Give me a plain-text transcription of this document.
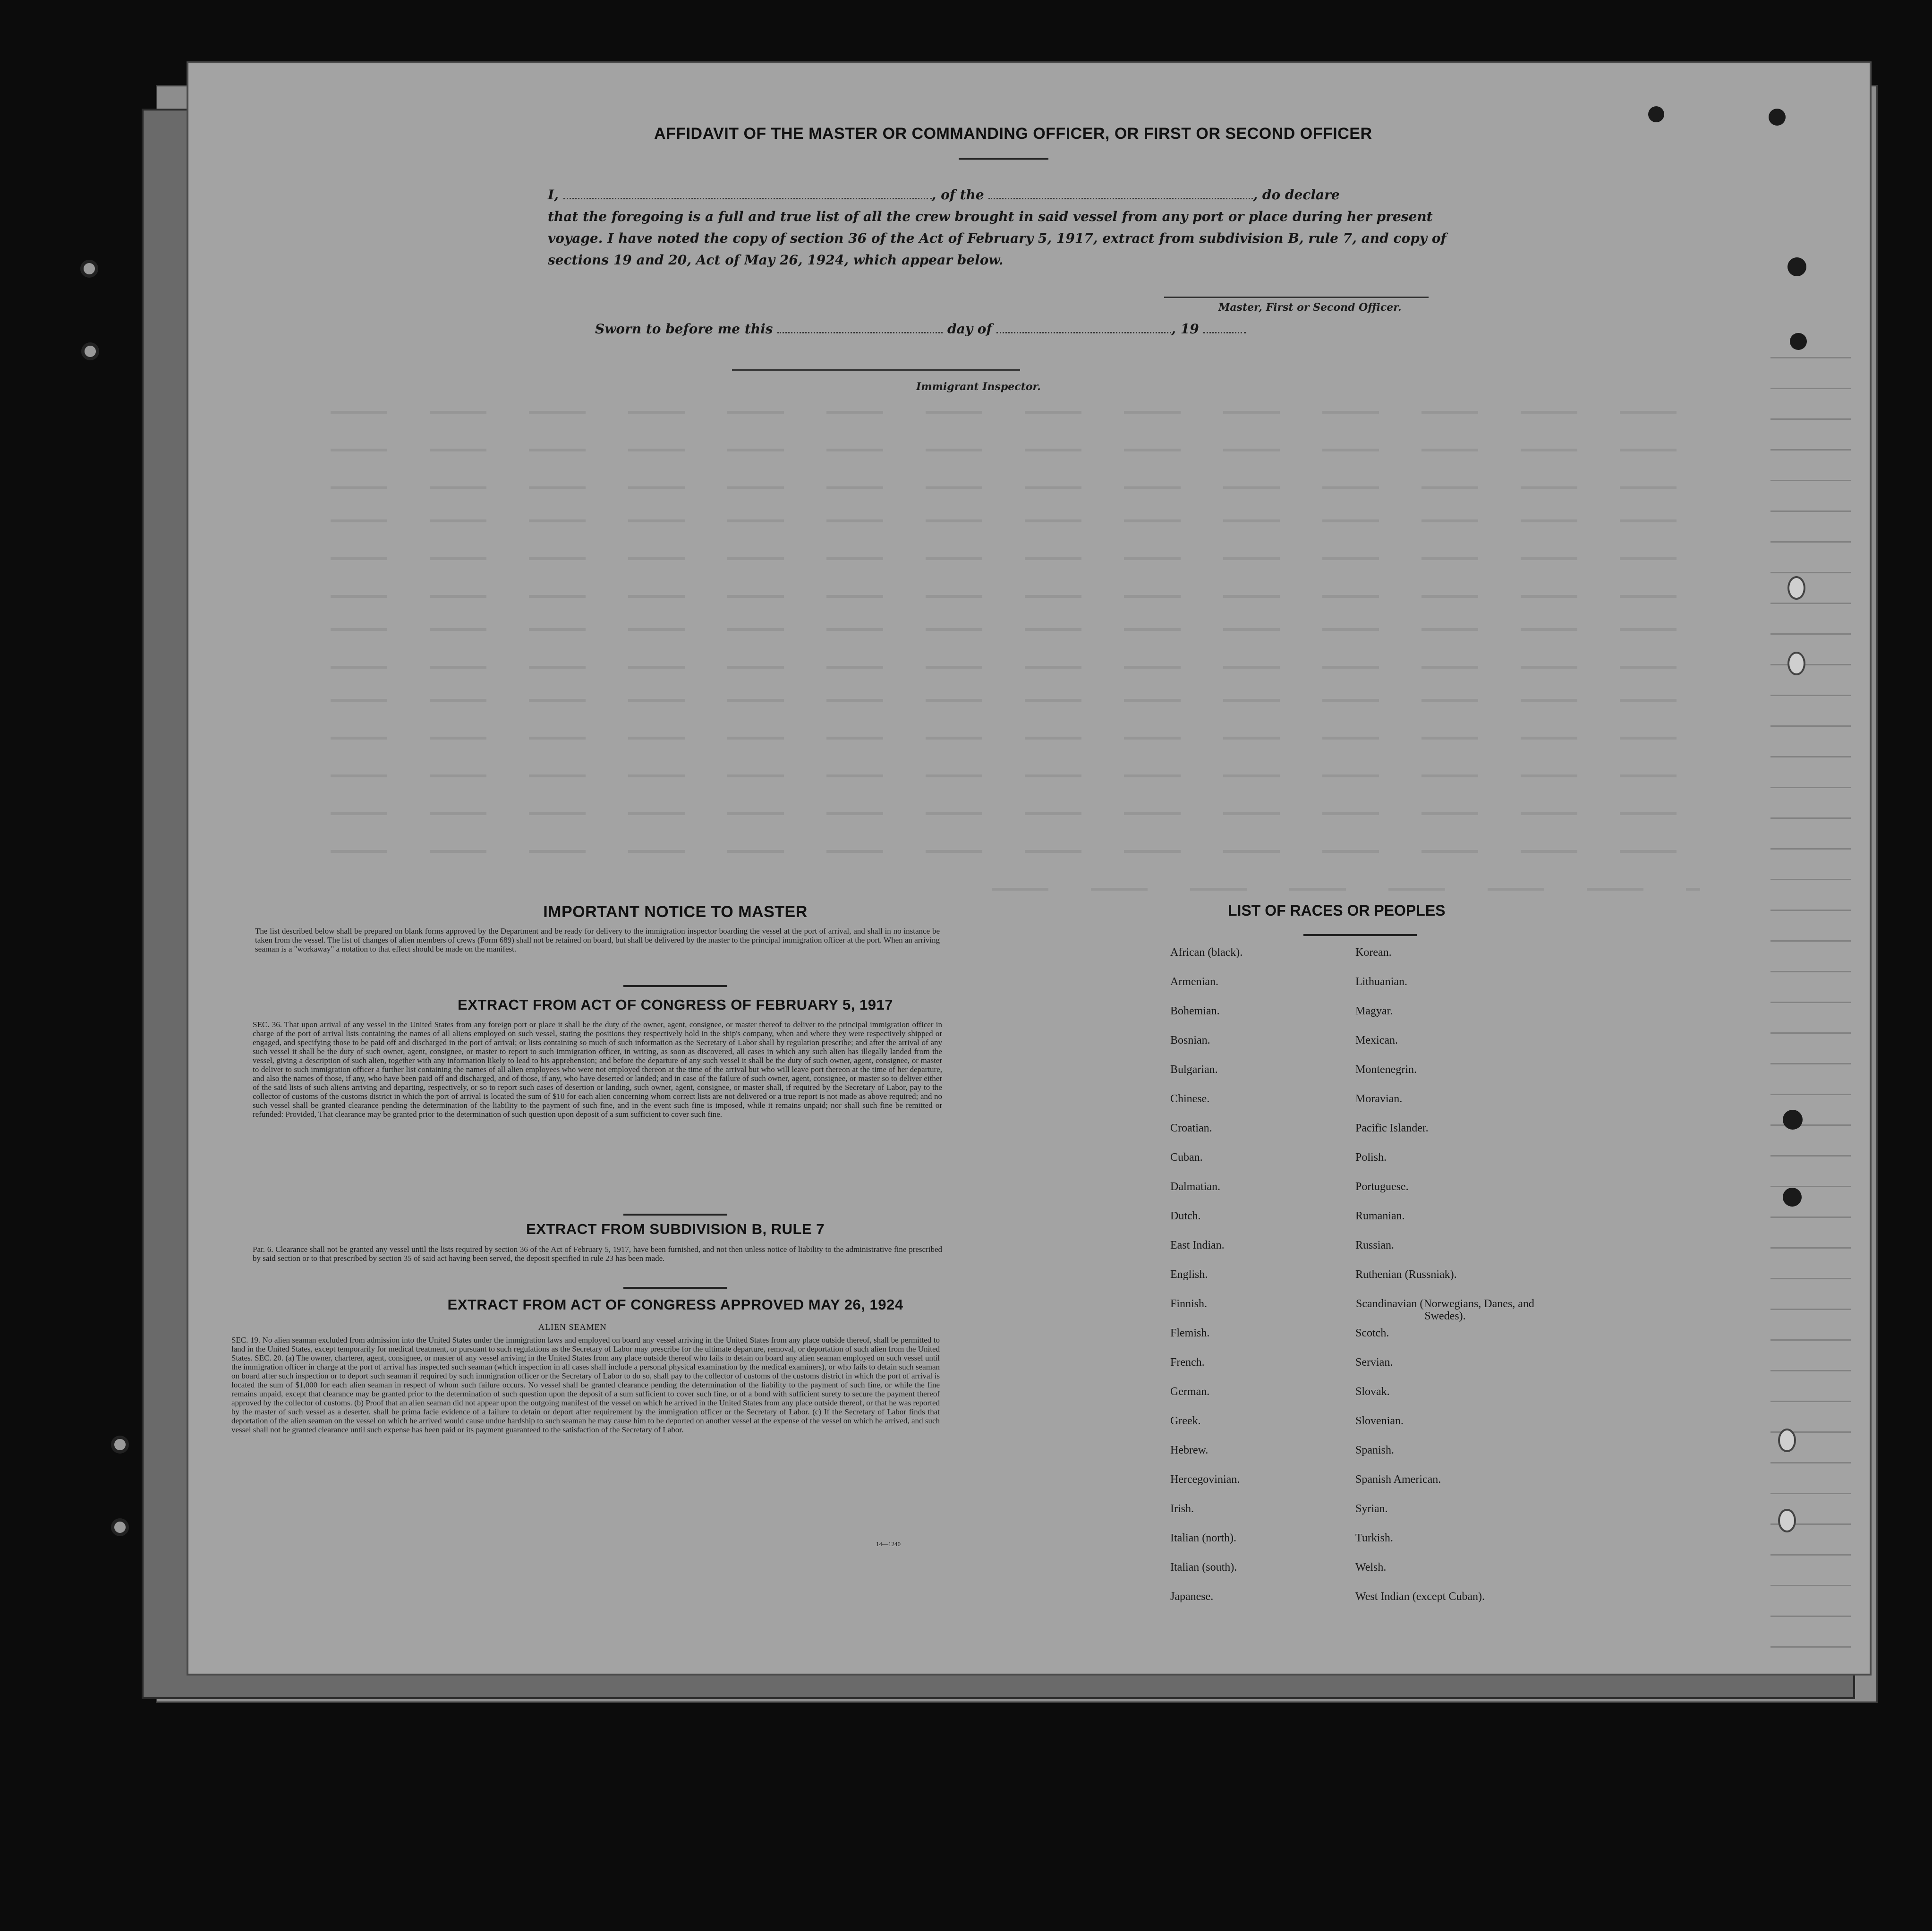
AFFIDAVIT OF THE MASTER OR COMMANDING OFFICER, OR FIRST OR SECOND OFFICER
I,	, of the	, do declare
that the foregoing is a full and true list of all the crew brought in said vessel from any port or place during her present voyage. I have noted the copy of section 36 of the Act of February 5, 1917, extract from subdivision B, rule 7, and copy of sections 19 and 20, Act of May 26, 1924, which appear below.
Master, First or Second Officer.
Sworn to before me this	day of	, 19
Immigrant Inspector.
IMPORTANT NOTICE TO MASTER
The list described below shall be prepared on blank forms approved by the Department and be ready for delivery to the immigration inspector boarding the vessel at the port of arrival, and shall in no instance be taken from the vessel. The list of changes of alien members of crews (Form 689) shall not be retained on board, but shall be delivered by the master to the principal immigration officer at the port. When an arriving seaman is a "workaway" a notation to that effect should be made on the manifest.
EXTRACT FROM ACT OF CONGRESS OF FEBRUARY 5, 1917
SEC. 36. That upon arrival of any vessel in the United States from any foreign port or place it shall be the duty of the owner, agent, consignee, or master thereof to deliver to the principal immigration officer in charge of the port of arrival lists containing the names of all aliens employed on such vessel, stating the positions they respectively hold in the ship's company, when and where they were respectively shipped or engaged, and specifying those to be paid off and discharged in the port of arrival; or lists containing so much of such information as the Secretary of Labor shall by regulation prescribe; and after the arrival of any such vessel it shall be the duty of such owner, agent, consignee, or master to report to such immigration officer, in writing, as soon as discovered, all cases in which any such alien has illegally landed from the vessel, giving a description of such alien, together with any information likely to lead to his apprehension; and before the departure of any such vessel it shall be the duty of such owner, agent, consignee, or master to deliver to such immigration officer a further list containing the names of all alien employees who were not employed thereon at the time of the arrival but who will leave port thereon at the time of her departure, and also the names of those, if any, who have been paid off and discharged, and of those, if any, who have deserted or landed; and in case of the failure of such owner, agent, consignee, or master so to deliver either of the said lists of such aliens arriving and departing, respectively, or so to report such cases of desertion or landing, such owner, agent, consignee, or master shall, if required by the Secretary of Labor, pay to the collector of customs of the customs district in which the port of arrival is located the sum of $10 for each alien concerning whom correct lists are not delivered or a true report is not made as above required; and no such vessel shall be granted clearance pending the determination of the liability to the payment of such fine, and in the event such fine is imposed, while it remains unpaid; nor shall such fine be remitted or refunded: Provided, That clearance may be granted prior to the determination of such question upon deposit of a sum sufficient to cover such fine.
EXTRACT FROM SUBDIVISION B, RULE 7
Par. 6. Clearance shall not be granted any vessel until the lists required by section 36 of the Act of February 5, 1917, have been furnished, and not then unless notice of liability to the administrative fine prescribed by said section or to that prescribed by section 35 of said act having been served, the deposit specified in rule 23 has been made.
EXTRACT FROM ACT OF CONGRESS APPROVED MAY 26, 1924
ALIEN SEAMEN
SEC. 19. No alien seaman excluded from admission into the United States under the immigration laws and employed on board any vessel arriving in the United States from any place outside thereof, shall be permitted to land in the United States, except temporarily for medical treatment, or pursuant to such regulations as the Secretary of Labor may prescribe for the ultimate departure, removal, or deportation of such alien from the United States. SEC. 20. (a) The owner, charterer, agent, consignee, or master of any vessel arriving in the United States from any place outside thereof who fails to detain on board any alien seaman employed on such vessel until the immigration officer in charge at the port of arrival has inspected such seaman (which inspection in all cases shall include a personal physical examination by the medical examiners), or who fails to detain such seaman on board after such inspection or to deport such seaman if required by such immigration officer or the Secretary of Labor to do so, shall pay to the collector of customs of the customs district in which the port of arrival is located the sum of $1,000 for each alien seaman in respect of whom such failure occurs. No vessel shall be granted clearance pending the determination of the liability to the payment of such fine, or while the fine remains unpaid, except that clearance may be granted prior to the determination of such question upon the deposit of a sum sufficient to cover such fine, or of a bond with sufficient surety to secure the payment thereof approved by the collector of customs. (b) Proof that an alien seaman did not appear upon the outgoing manifest of the vessel on which he arrived in the United States from any place outside thereof, or that he was reported by the master of such vessel as a deserter, shall be prima facie evidence of a failure to detain or deport after requirement by the immigration officer or the Secretary of Labor. (c) If the Secretary of Labor finds that deportation of the alien seaman on the vessel on which he arrived would cause undue hardship to such seaman he may cause him to be deported on another vessel at the expense of the vessel on which he arrived, and such vessel shall not be granted clearance until such expense has been paid or its payment guaranteed to the satisfaction of the Secretary of Labor.
14—1240
LIST OF RACES OR PEOPLES
African (black).
Armenian.
Bohemian.
Bosnian.
Bulgarian.
Chinese.
Croatian.
Cuban.
Dalmatian.
Dutch.
East Indian.
English.
Finnish.
Flemish.
French.
German.
Greek.
Hebrew.
Hercegovinian.
Irish.
Italian (north).
Italian (south).
Japanese.
Korean.
Lithuanian.
Magyar.
Mexican.
Montenegrin.
Moravian.
Pacific Islander.
Polish.
Portuguese.
Rumanian.
Russian.
Ruthenian (Russniak).
Scandinavian (Norwegians, Danes, and Swedes).
Scotch.
Servian.
Slovak.
Slovenian.
Spanish.
Spanish American.
Syrian.
Turkish.
Welsh.
West Indian (except Cuban).
